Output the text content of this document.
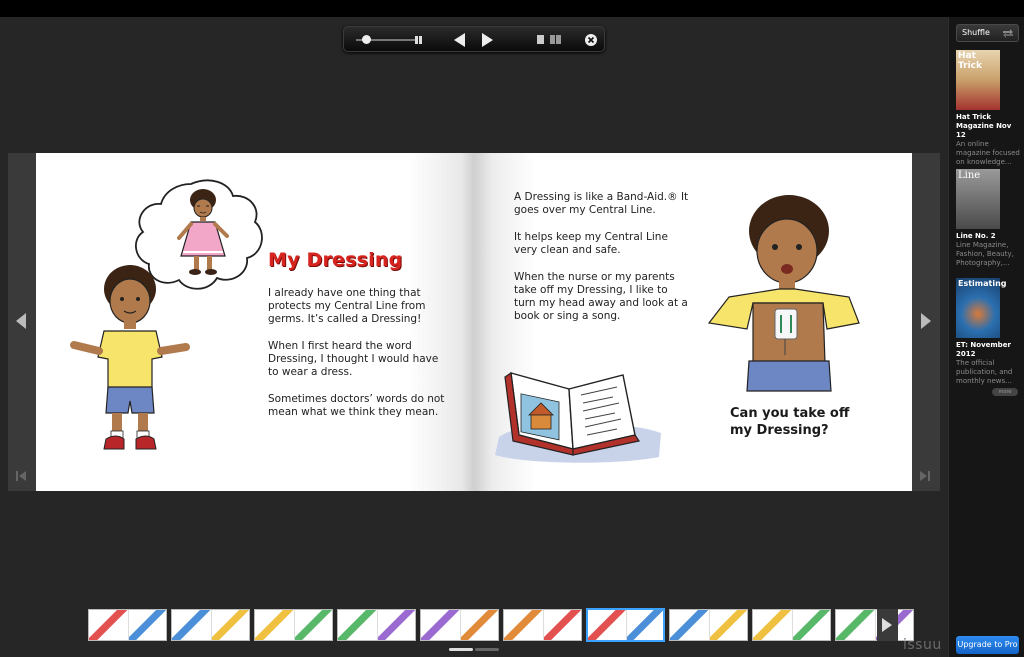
My Dressing
I already have one thing that protects my Central Line from germs. It’s called a Dressing!
When I first heard the word Dressing, I thought I would have to wear a dress.
Sometimes doctors’ words do not mean what we think they mean.
A Dressing is like a Band-Aid.® It goes over my Central Line.
It helps keep my Central Line very clean and safe.
When the nurse or my parents take off my Dressing, I like to turn my head away and look at a book or sing a song.
Can you take off my Dressing?
Shuffle
Hat Trick
Hat Trick Magazine Nov 12
An online magazine focused on knowledge...
Line
Line No. 2
Line Magazine, Fashion, Beauty, Photography,...
Estimating
ET: November 2012
The official publication, and monthly news...
more
Upgrade to Pro
issuu
